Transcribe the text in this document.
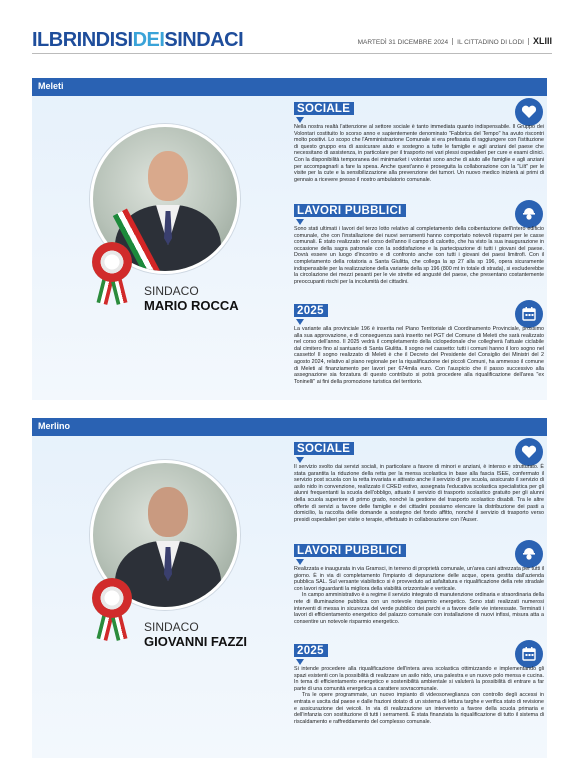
ILBRINDISIDEISINDACI	MARTEDÌ 31 DICEMBRE 2024 IL CITTADINO DI LODI XLIII
Meleti
SINDACO
MARIO ROCCA
SOCIALE

Nella nostra realtà l'attenzione al settore sociale è tanto immediata quanto indispensabile. Il Gruppo dei Volontari costituito lo scorso anno e sapientemente denominato "Fabbrica del Tempo" ha avuto riscontri molto positivi. Lo scopo che l'Amministrazione Comunale si era prefissata di raggiungere con l'istituzione di questo gruppo era di assicurare aiuto e sostegno a tutte le famiglie e agli anziani del paese che necessitano di assistenza, in particolare per il trasporto nei vari plessi ospedalieri per cure e esami clinici. Con la disponibilità temporanea dei minimarket i volontari sono anche di aiuto alle famiglie e agli anziani per accompagnarli a fare la spesa. Anche quest'anno è proseguita la collaborazione con la "Lilt" per le visite per la cute e la sensibilizzazione alla prevenzione dei tumori. Un nuovo medico inizierà ai primi di gennaio a ricevere presso il nostro ambulatorio comunale.

LAVORI PUBBLICI

Sono stati ultimati i lavori del terzo lotto relativo al completamento della coibentazione dell'intero edificio comunale, che con l'installazione dei nuovi serramenti hanno comportato notevoli risparmi per le casse comunali. È stato realizzato nel corso dell'anno il campo di calcetto, che ha visto la sua inaugurazione in occasione della sagra patronale con la soddisfazione e la partecipazione di tutti i giovani del paese. Dovrà essere un luogo d'incontro e di confronto anche con tutti i giovani dei paesi limitrofi. Con il completamento della rotatoria a Santa Giulitta, che collega la sp 27 alla sp 196, opera sicuramente indispensabile per la realizzazione della variante della sp 196 (800 mt in totale di strada), si escluderebbe la circolazione dei mezzi pesanti per le vie strette ed angusté del paese, che presentano costantemente preoccupanti rischi per la incolumità dei cittadini.

2025

La variante alla provinciale 196 è inserita nel Piano Territoriale di Coordinamento Provinciale, prossimo alla sua approvazione, e di conseguenza sarà inserito nel PGT del Comune di Meleti che sarà realizzato nel corso dell'anno. Il 2025 vedrà il completamento della ciclopedonale che collegherà l'attuale ciclabile dal cimitero fino al santuario di Santa Giulitta. Il sogno nel cassetto: tutti i comuni hanno il loro sogno nel cassetto! Il sogno realizzato di Meleti è che il Decreto del Presidente del Consiglio dei Ministri del 2 agosto 2024, relativo al piano regionale per la riqualificazione dei piccoli Comuni, ha ammesso il comune di Meleti al finanziamento per lavori per 674mila euro. Con l'auspicio che il passo successivo alla assegnazione sia forzatura di questo contributo si potrà procedere alla riqualificazione dell'area "ex Toninelli" ai fini della promozione turistica del territorio.

Merlino
SINDACO
GIOVANNI FAZZI
SOCIALE

Il servizio svolto dai servizi sociali, in particolare a favore di minori e anziani, è intenso e strutturato. È stata garantita la riduzione della retta per la mensa scolastica in base alla fascia ISEE, confermato il servizio post scuola con la retta invariata e attivato anche il servizio di pre scuola, assicurato il servizio di asilo nido in convenzione, realizzato il CRED estivo, assegnata l'educativa scolastica specialistica per gli alunni frequentanti la scuola dell'obbligo, attuato il servizio di trasporto scolastico gratuito per gli alunni della scuola superiore di primo grado, nonché la gestione del trasporto scolastico disabili. Tra le altre offerte di servizi a favore delle famiglie e dei cittadini possiamo elencare la distribuzione dei pasti a domicilio, la raccolta delle domande a sostegno del fondo affitto, nonché il servizio di trasporto verso presidi ospedalieri per visite o terapie, effettuato in collaborazione con l'Auser.

LAVORI PUBBLICI

Realizzata e inaugurata in via Gramsci, in terreno di proprietà comunale, un'area cani attrezzata per tutti il giorno. È in via di completamento l'impianto di depurazione delle acque, opera gestita dall'azienda pubblica SAL. Sul versante viabilistico si è provveduto ad asfaltatura e riqualificazione della rete stradale con lavori riguardanti la migliora della viabilità orizzontale e verticale.

In campo amministrativo è a regime il servizio integrato di manutenzione ordinaria e straordinaria della rete di illuminazione pubblica con un notevole risparmio energetico. Sono stati realizzati numerosi interventi di messa in sicurezza del verde pubblico dei parchi e a favore delle vie interessate. Terminati i lavori di efficientamento energetico del palazzo comunale con installazione di nuovi infissi, misura atta a consentire un notevole risparmio energetico.

2025

Si intende procedere alla riqualificazione dell'intera area scolastica ottimizzando e implementando gli spazi esistenti con la possibilità di realizzare un asilo nido, una palestra e un nuovo polo mensa e cucina. In tema di efficientamento energetico e sostenibilità ambientale si valuterà la possibilità di entrare a far parte di una comunità energetica a carattere sovracomunale.

Tra le opere programmate, un nuovo impianto di videosorveglianza con controllo degli accessi in entrata e uscita dal paese e dalle frazioni dotato di un sistema di lettura targhe e verifica stato di revisione e assicurazione dei veicoli. In via di realizzazione un intervento a favore della scuola primaria e dell'infanzia con sostituzione di tutti i serramenti. È stata finanziata la riqualificazione di tutto il sistema di riscaldamento e raffreddamento del complesso comunale.
